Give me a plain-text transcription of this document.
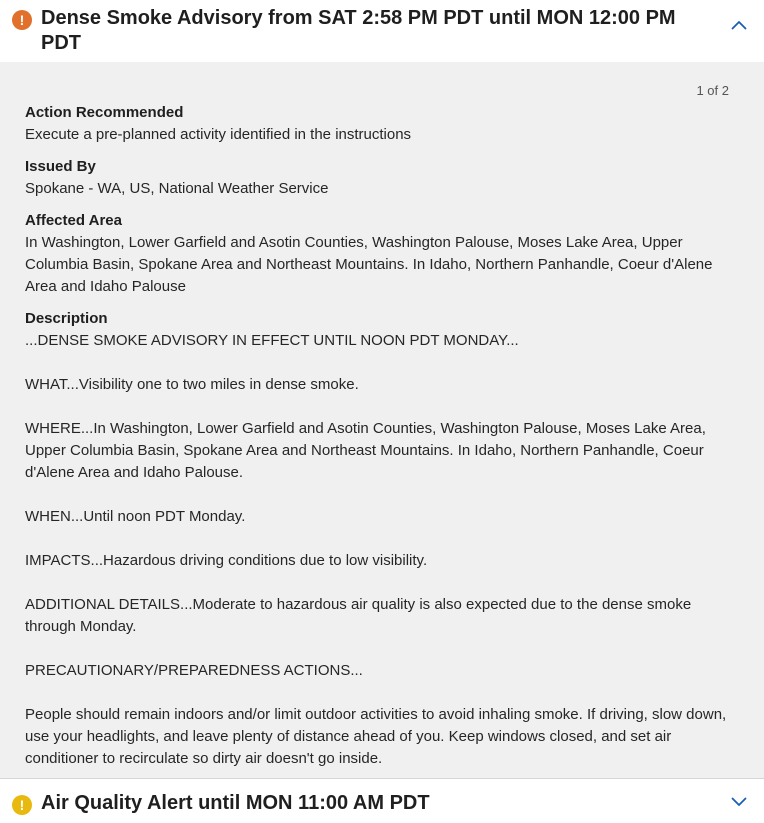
! Dense Smoke Advisory from SAT 2:58 PM PDT until MON 12:00 PM PDT
1 of 2
Action Recommended
Execute a pre-planned activity identified in the instructions
Issued By
Spokane - WA, US, National Weather Service
Affected Area
In Washington, Lower Garfield and Asotin Counties, Washington Palouse, Moses Lake Area, Upper Columbia Basin, Spokane Area and Northeast Mountains. In Idaho, Northern Panhandle, Coeur d'Alene Area and Idaho Palouse
Description

...DENSE SMOKE ADVISORY IN EFFECT UNTIL NOON PDT MONDAY...

WHAT...Visibility one to two miles in dense smoke.

WHERE...In Washington, Lower Garfield and Asotin Counties, Washington Palouse, Moses Lake Area, Upper Columbia Basin, Spokane Area and Northeast Mountains. In Idaho, Northern Panhandle, Coeur d'Alene Area and Idaho Palouse.

WHEN...Until noon PDT Monday.

IMPACTS...Hazardous driving conditions due to low visibility.

ADDITIONAL DETAILS...Moderate to hazardous air quality is also expected due to the dense smoke through Monday.

PRECAUTIONARY/PREPAREDNESS ACTIONS...

People should remain indoors and/or limit outdoor activities to avoid inhaling smoke. If driving, slow down, use your headlights, and leave plenty of distance ahead of you. Keep windows closed, and set air conditioner to recirculate so dirty air doesn't go inside.

! Air Quality Alert until MON 11:00 AM PDT
